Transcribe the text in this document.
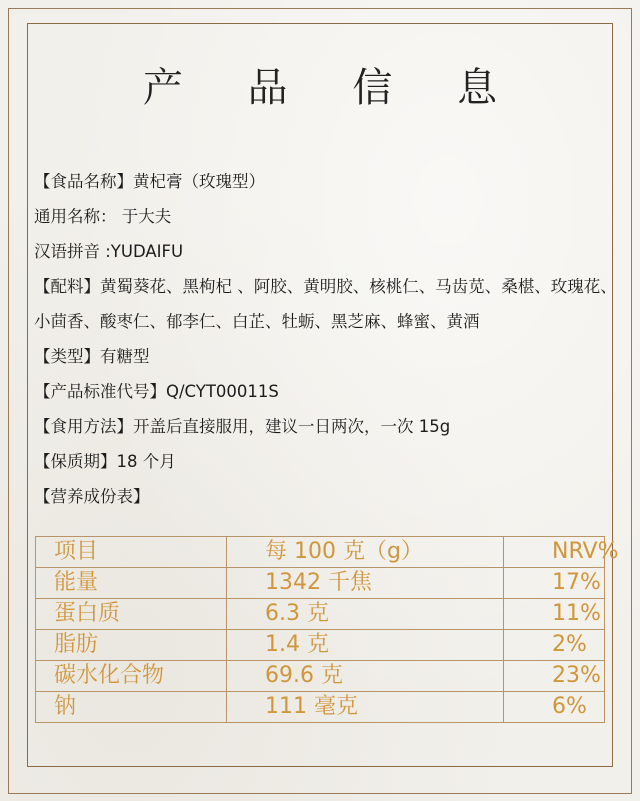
产 品 信 息
【食品名称】黄杞膏（玫瑰型）
通用名称： 于大夫
汉语拼音 :YUDAIFU
【配料】黄蜀葵花、黑枸杞 、阿胶、黄明胶、核桃仁、马齿苋、桑椹、玫瑰花、
小茴香、酸枣仁、郁李仁、白芷、牡蛎、黑芝麻、蜂蜜、黄酒
【类型】有糖型
【产品标准代号】Q/CYT00011S
【食用方法】开盖后直接服用，建议一日两次，一次 15g
【保质期】18 个月
【营养成份表】
项目	每 100 克（g）	NRV%
能量	1342 千焦	17%
蛋白质	6.3 克	11%
脂肪	1.4 克	2%
碳水化合物	69.6 克	23%
钠	111 毫克	6%
